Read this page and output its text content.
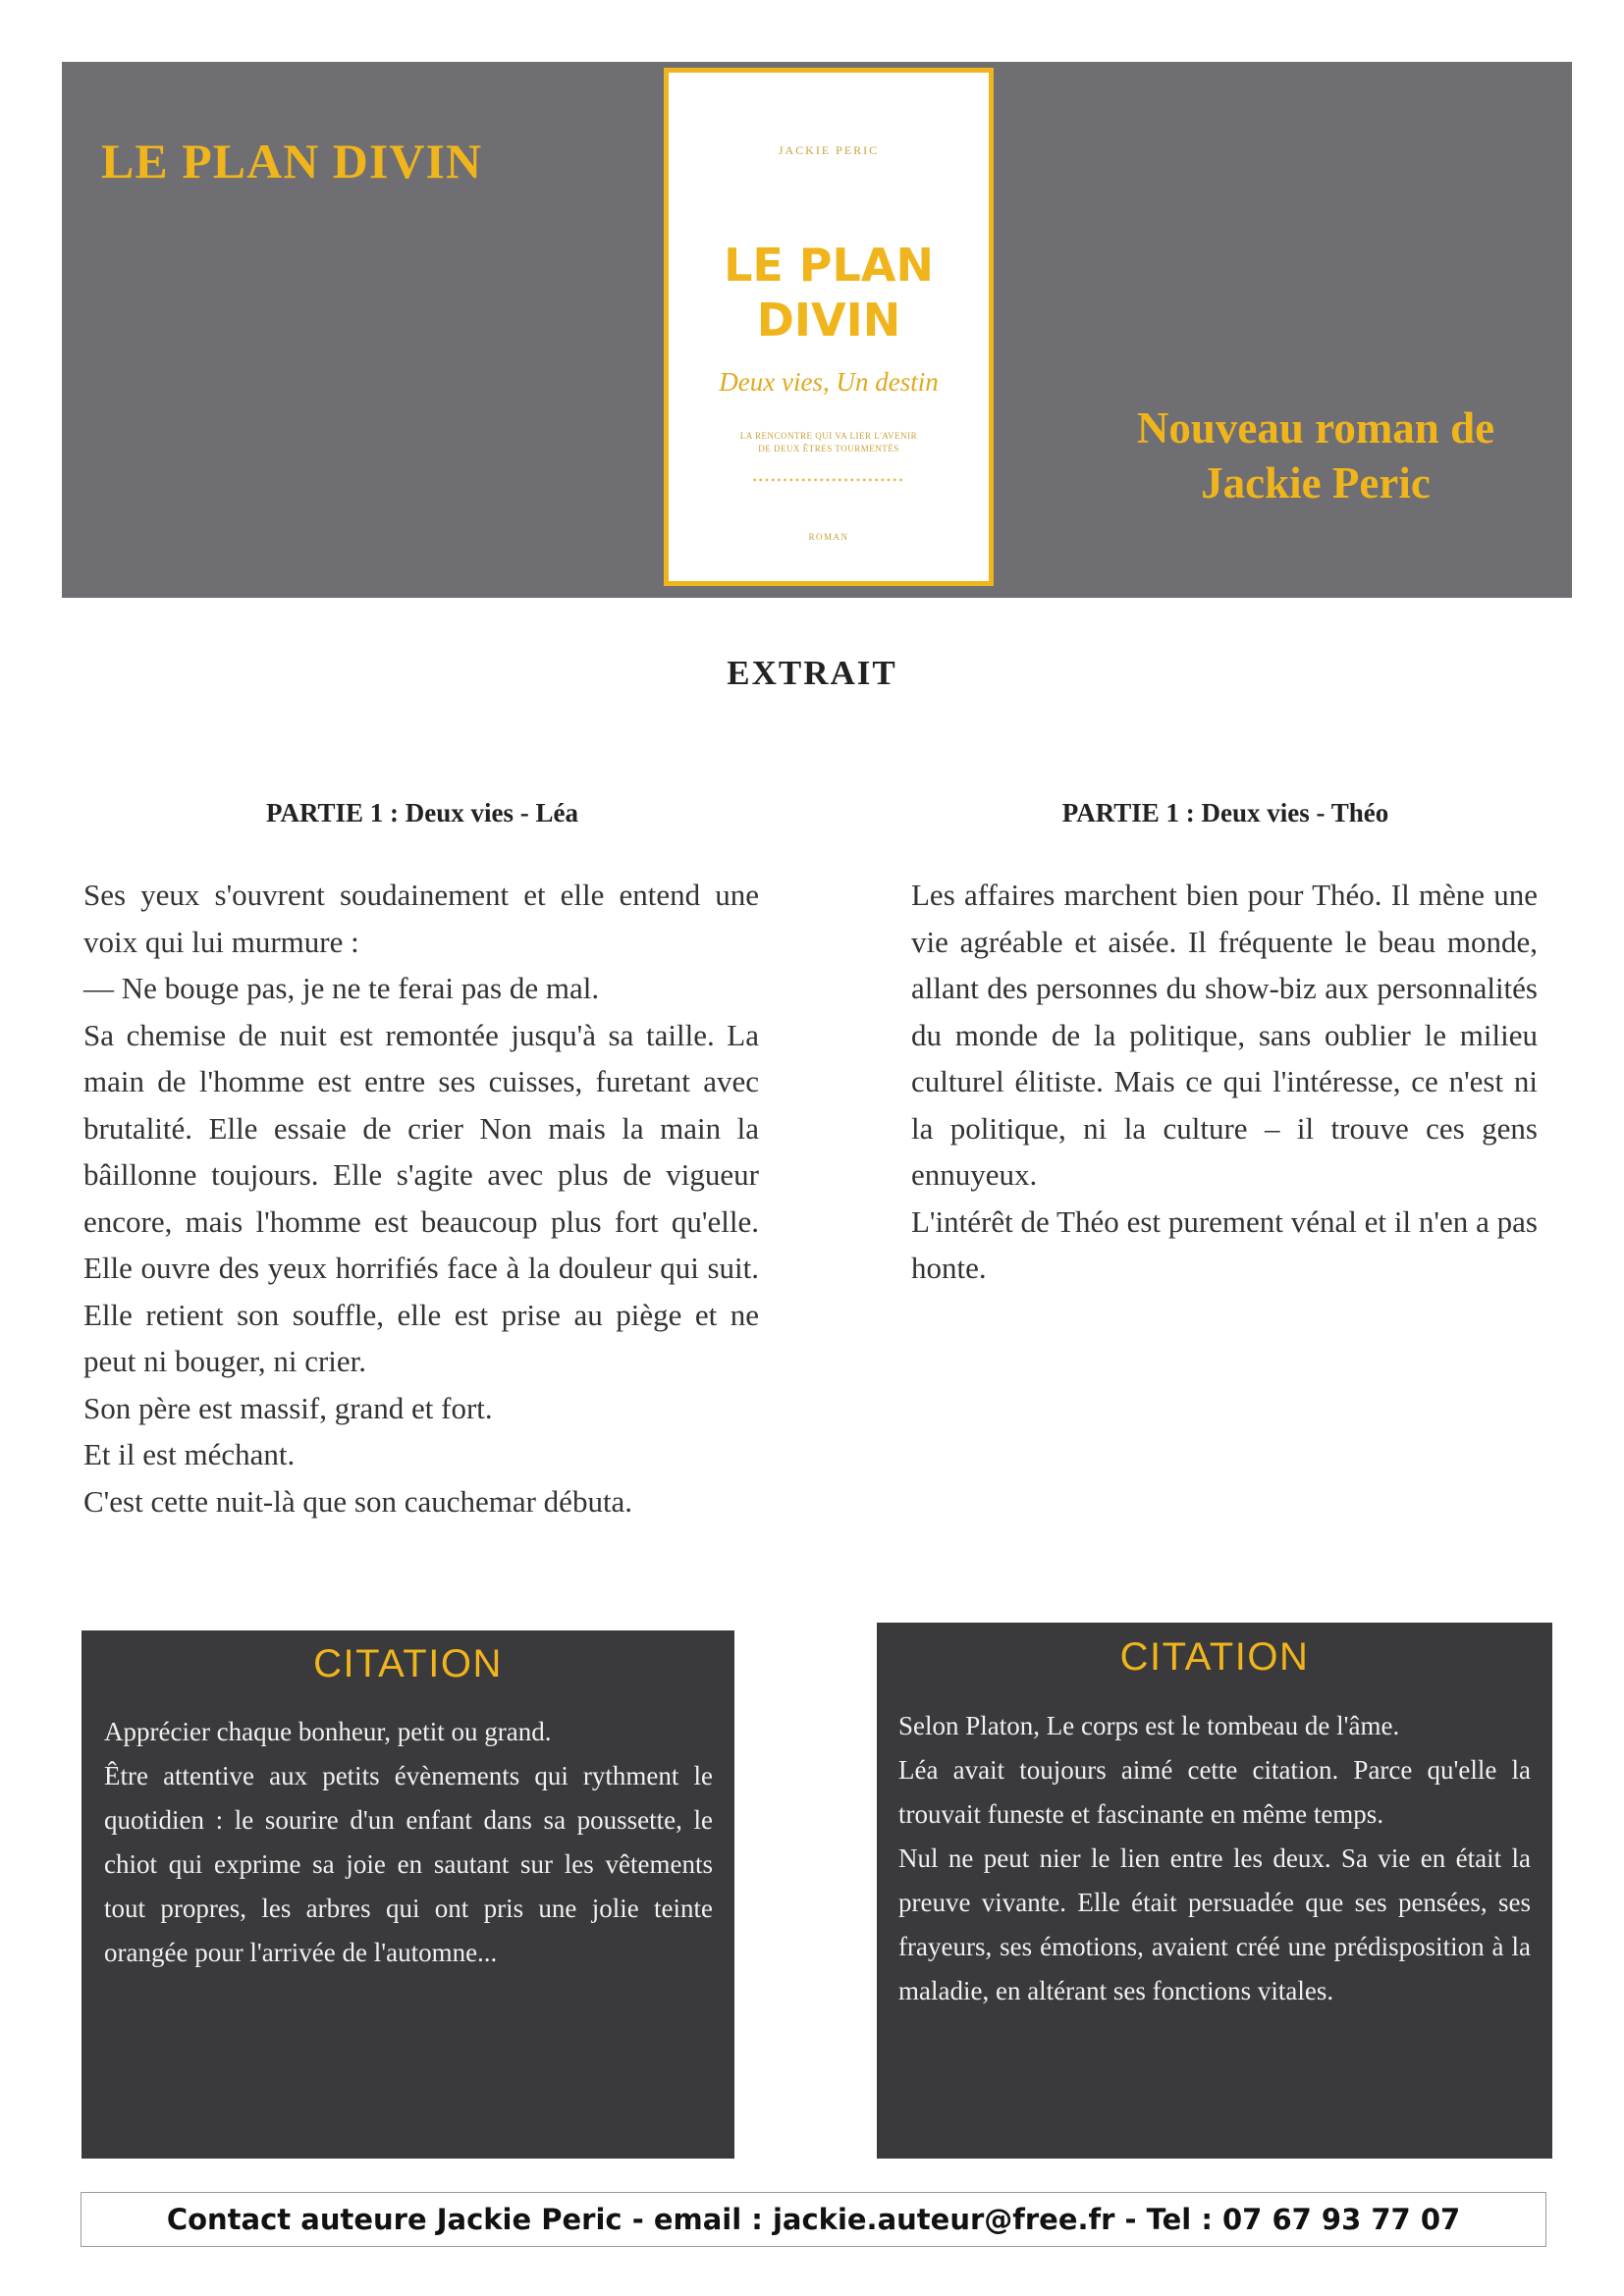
LE PLAN DIVIN
Nouveau roman de
Jackie Peric
JACKIE PERIC
LE PLAN
DIVIN
Deux vies, Un destin
LA RENCONTRE QUI VA LIER L'AVENIR
DE DEUX ÊTRES TOURMENTÉS
•••••••••••••••••••••••••
ROMAN
EXTRAIT
PARTIE 1 : Deux vies - Léa

Ses yeux s'ouvrent soudainement et elle entend une voix qui lui murmure :

— Ne bouge pas, je ne te ferai pas de mal.

Sa chemise de nuit est remontée jusqu'à sa taille. La main de l'homme est entre ses cuisses, furetant avec brutalité. Elle essaie de crier Non mais la main la bâillonne toujours. Elle s'agite avec plus de vigueur encore, mais l'homme est beaucoup plus fort qu'elle. Elle ouvre des yeux horrifiés face à la douleur qui suit. Elle retient son souffle, elle est prise au piège et ne peut ni bouger, ni crier.

Son père est massif, grand et fort.

Et il est méchant.

C'est cette nuit-là que son cauchemar débuta.

PARTIE 1 : Deux vies - Théo

Les affaires marchent bien pour Théo. Il mène une vie agréable et aisée. Il fréquente le beau monde, allant des personnes du show-biz aux personnalités du monde de la politique, sans oublier le milieu culturel élitiste. Mais ce qui l'intéresse, ce n'est ni la politique, ni la culture – il trouve ces gens ennuyeux.

L'intérêt de Théo est purement vénal et il n'en a pas honte.

CITATION

Apprécier chaque bonheur, petit ou grand.

Être attentive aux petits évènements qui rythment le quotidien : le sourire d'un enfant dans sa poussette, le chiot qui exprime sa joie en sautant sur les vêtements tout propres, les arbres qui ont pris une jolie teinte orangée pour l'arrivée de l'automne...

CITATION

Selon Platon, Le corps est le tombeau de l'âme.

Léa avait toujours aimé cette citation. Parce qu'elle la trouvait funeste et fascinante en même temps.

Nul ne peut nier le lien entre les deux. Sa vie en était la preuve vivante. Elle était persuadée que ses pensées, ses frayeurs, ses émotions, avaient créé une prédisposition à la maladie, en altérant ses fonctions vitales.

Contact auteure Jackie Peric - email : jackie.auteur@free.fr - Tel : 07 67 93 77 07
